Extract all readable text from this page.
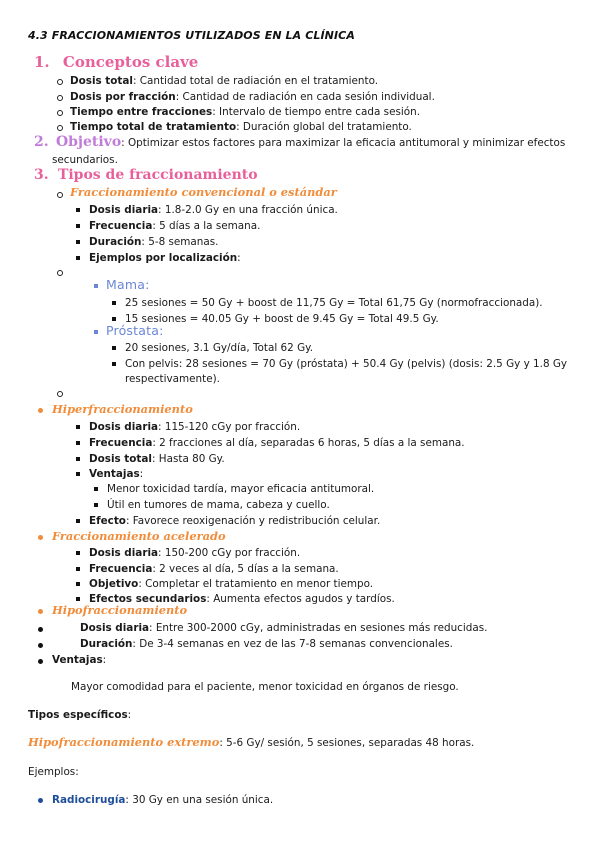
4.3 FRACCIONAMIENTOS UTILIZADOS EN LA CLÍNICA
1. Conceptos clave
Dosis total: Cantidad total de radiación en el tratamiento.
Dosis por fracción: Cantidad de radiación en cada sesión individual.
Tiempo entre fracciones: Intervalo de tiempo entre cada sesión.
Tiempo total de tratamiento: Duración global del tratamiento.
2. Objetivo: Optimizar estos factores para maximizar la eficacia antitumoral y minimizar efectos
secundarios.
3. Tipos de fraccionamiento
Fraccionamiento convencional o estándar
Dosis diaria: 1.8-2.0 Gy en una fracción única.
Frecuencia: 5 días a la semana.
Duración: 5-8 semanas.
Ejemplos por localización:
Mama:
25 sesiones = 50 Gy + boost de 11,75 Gy = Total 61,75 Gy (normofraccionada).
15 sesiones = 40.05 Gy + boost de 9.45 Gy = Total 49.5 Gy.
Próstata:
20 sesiones, 3.1 Gy/día, Total 62 Gy.
Con pelvis: 28 sesiones = 70 Gy (próstata) + 50.4 Gy (pelvis) (dosis: 2.5 Gy y 1.8 Gy
respectivamente).
Hiperfraccionamiento
Dosis diaria: 115-120 cGy por fracción.
Frecuencia: 2 fracciones al día, separadas 6 horas, 5 días a la semana.
Dosis total: Hasta 80 Gy.
Ventajas:
Menor toxicidad tardía, mayor eficacia antitumoral.
Útil en tumores de mama, cabeza y cuello.
Efecto: Favorece reoxigenación y redistribución celular.
Fraccionamiento acelerado
Dosis diaria: 150-200 cGy por fracción.
Frecuencia: 2 veces al día, 5 días a la semana.
Objetivo: Completar el tratamiento en menor tiempo.
Efectos secundarios: Aumenta efectos agudos y tardíos.
Hipofraccionamiento
Dosis diaria: Entre 300-2000 cGy, administradas en sesiones más reducidas.
Duración: De 3-4 semanas en vez de las 7-8 semanas convencionales.
Ventajas:
Mayor comodidad para el paciente, menor toxicidad en órganos de riesgo.
Tipos específicos:
Hipofraccionamiento extremo: 5-6 Gy/ sesión, 5 sesiones, separadas 48 horas.
Ejemplos:
Radiocirugía: 30 Gy en una sesión única.
